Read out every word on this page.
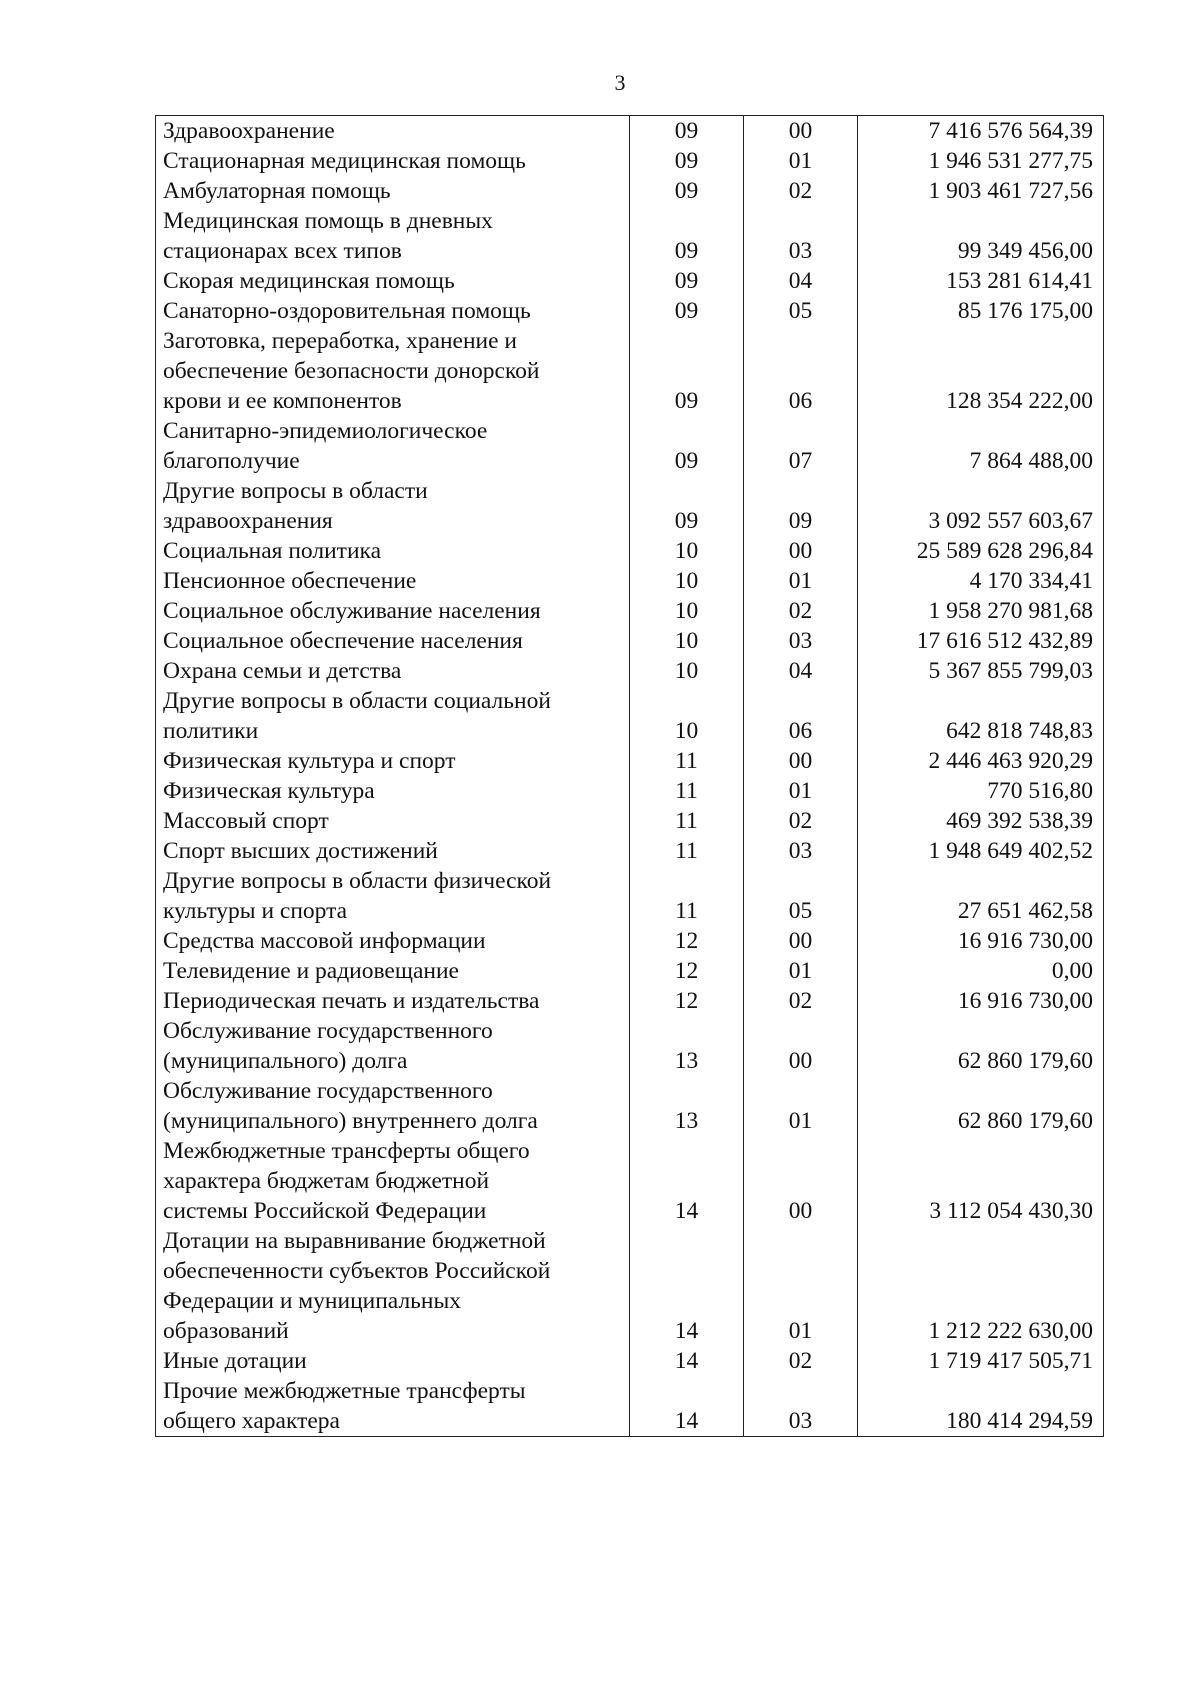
3
Здравоохранение	09	00	7 416 576 564,39
Стационарная медицинская помощь	09	01	1 946 531 277,75
Амбулаторная помощь	09	02	1 903 461 727,56
Медицинская помощь в дневных
стационарах всех типов	09	03	99 349 456,00
Скорая медицинская помощь	09	04	153 281 614,41
Санаторно-оздоровительная помощь	09	05	85 176 175,00
Заготовка, переработка, хранение и
обеспечение безопасности донорской
крови и ее компонентов	09	06	128 354 222,00
Санитарно-эпидемиологическое
благополучие	09	07	7 864 488,00
Другие вопросы в области
здравоохранения	09	09	3 092 557 603,67
Социальная политика	10	00	25 589 628 296,84
Пенсионное обеспечение	10	01	4 170 334,41
Социальное обслуживание населения	10	02	1 958 270 981,68
Социальное обеспечение населения	10	03	17 616 512 432,89
Охрана семьи и детства	10	04	5 367 855 799,03
Другие вопросы в области социальной
политики	10	06	642 818 748,83
Физическая культура и спорт	11	00	2 446 463 920,29
Физическая культура	11	01	770 516,80
Массовый спорт	11	02	469 392 538,39
Спорт высших достижений	11	03	1 948 649 402,52
Другие вопросы в области физической
культуры и спорта	11	05	27 651 462,58
Средства массовой информации	12	00	16 916 730,00
Телевидение и радиовещание	12	01	0,00
Периодическая печать и издательства	12	02	16 916 730,00
Обслуживание государственного
(муниципального) долга	13	00	62 860 179,60
Обслуживание государственного
(муниципального) внутреннего долга	13	01	62 860 179,60
Межбюджетные трансферты общего
характера бюджетам бюджетной
системы Российской Федерации	14	00	3 112 054 430,30
Дотации на выравнивание бюджетной
обеспеченности субъектов Российской
Федерации и муниципальных
образований	14	01	1 212 222 630,00
Иные дотации	14	02	1 719 417 505,71
Прочие межбюджетные трансферты
общего характера	14	03	180 414 294,59
